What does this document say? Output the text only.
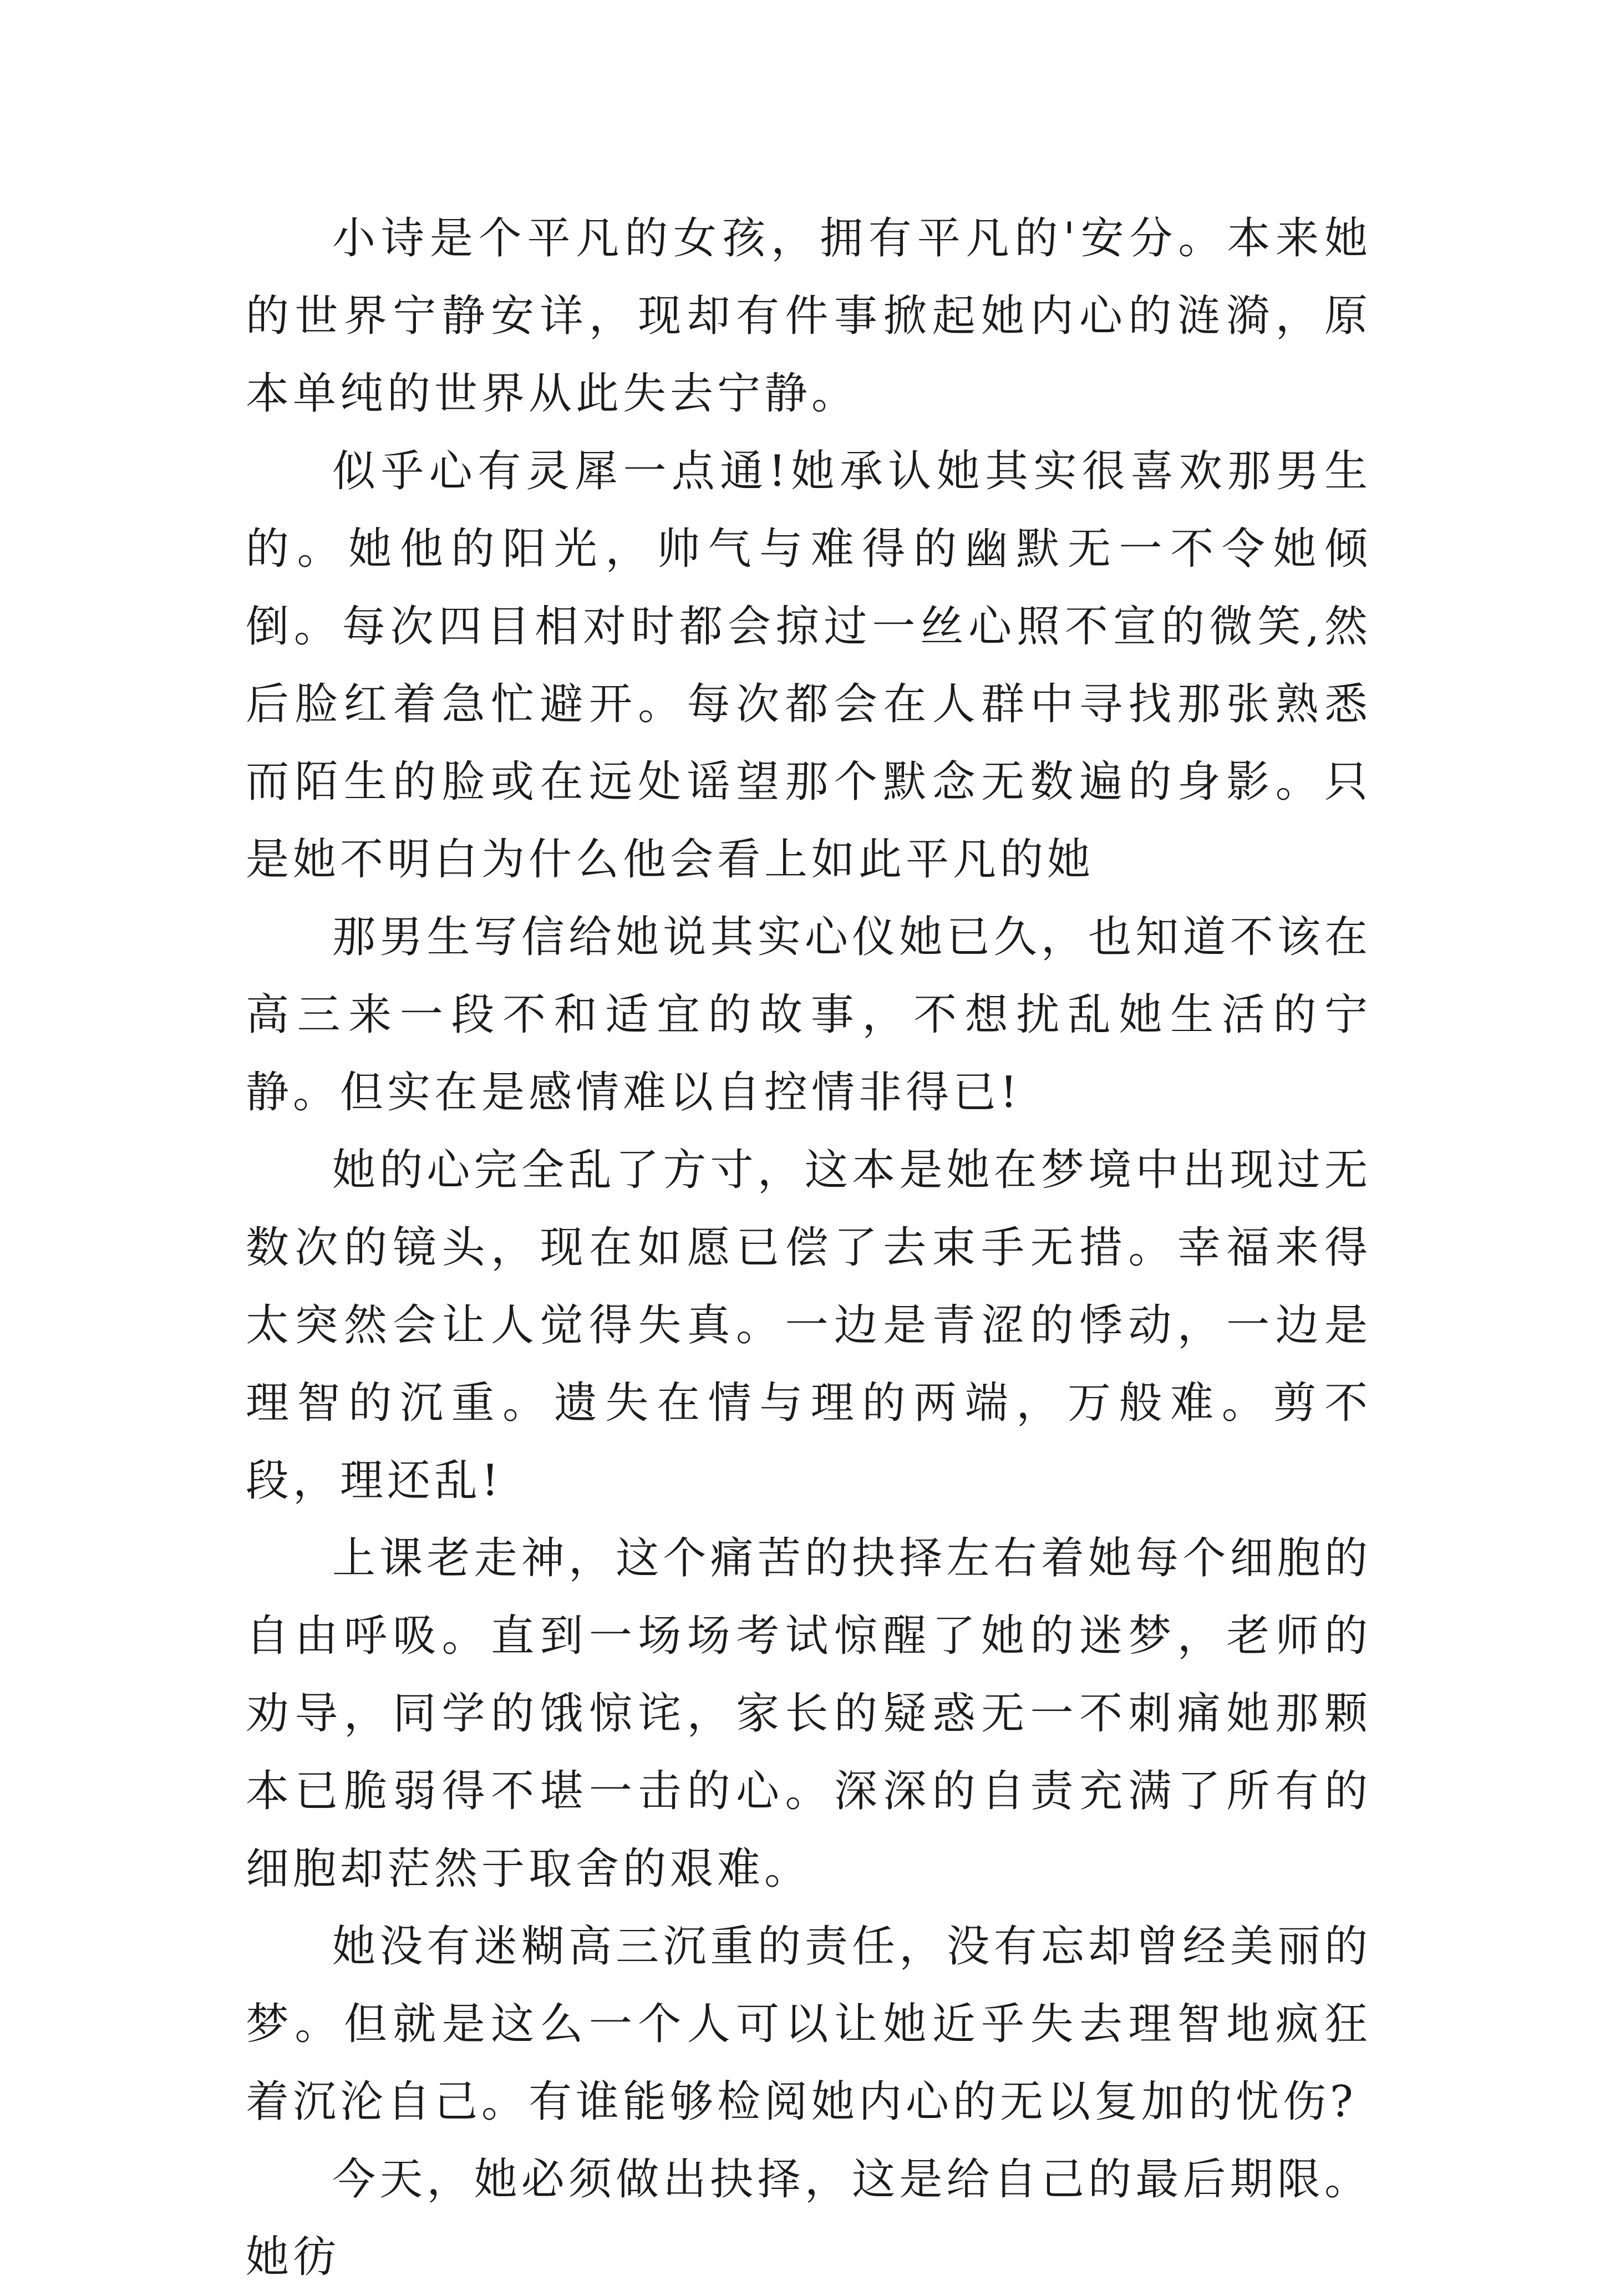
小诗是个平凡的女孩，拥有平凡的'安分。本来她的世界宁静安详，现却有件事掀起她内心的涟漪，原本单纯的世界从此失去宁静。

似乎心有灵犀一点通!她承认她其实很喜欢那男生的。她他的阳光，帅气与难得的幽默无一不令她倾倒。每次四目相对时都会掠过一丝心照不宣的微笑,然后脸红着急忙避开。每次都会在人群中寻找那张熟悉而陌生的脸或在远处谣望那个默念无数遍的身影。只是她不明白为什么他会看上如此平凡的她

那男生写信给她说其实心仪她已久，也知道不该在高三来一段不和适宜的故事，不想扰乱她生活的宁静。但实在是感情难以自控情非得已!

她的心完全乱了方寸，这本是她在梦境中出现过无数次的镜头，现在如愿已偿了去束手无措。幸福来得太突然会让人觉得失真。一边是青涩的悸动，一边是理智的沉重。遗失在情与理的两端，万般难。剪不段，理还乱!

上课老走神，这个痛苦的抉择左右着她每个细胞的自由呼吸。直到一场场考试惊醒了她的迷梦，老师的劝导，同学的饿惊诧，家长的疑惑无一不刺痛她那颗本已脆弱得不堪一击的心。深深的自责充满了所有的细胞却茫然于取舍的艰难。

她没有迷糊高三沉重的责任，没有忘却曾经美丽的梦。但就是这么一个人可以让她近乎失去理智地疯狂着沉沦自己。有谁能够检阅她内心的无以复加的忧伤?

今天，她必须做出抉择，这是给自己的最后期限。她彷
